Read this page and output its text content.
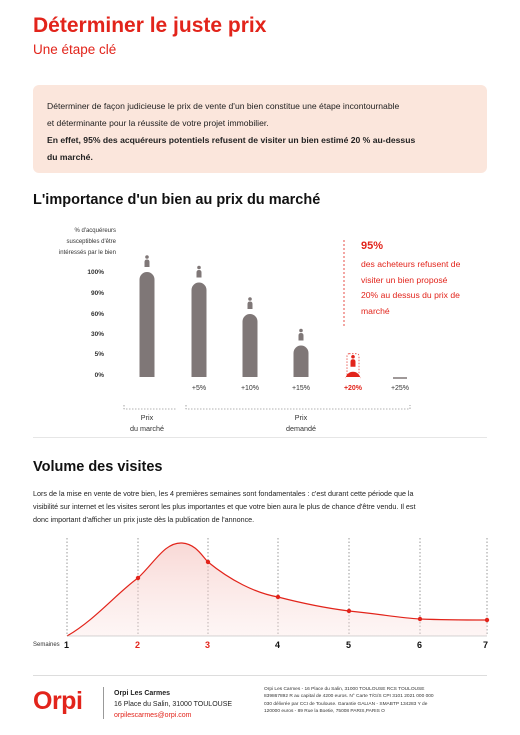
Déterminer le juste prix
Une étape clé
Déterminer de façon judicieuse le prix de vente d'un bien constitue une étape incontournable
et déterminante pour la réussite de votre projet immobilier.
En effet, 95% des acquéreurs potentiels refusent de visiter un bien estimé 20 % au-dessus
du marché.
L'importance d'un bien au prix du marché
% d'acquéreurs
susceptibles d'être
intéressés par le bien
100%
90%
60%
30%
5%
0%
+5%	+10%	+15%	+20%	+25%
95%
des acheteurs refusent de
visiter un bien proposé
20% au dessus du prix de
marché
Prix
du marché
Prix
demandé
Volume des visites
Lors de la mise en vente de votre bien, les 4 premières semaines sont fondamentales : c'est durant cette période que la
visibilité sur internet et les visites seront les plus importantes et que votre bien aura le plus de chance d'être vendu. Il est
donc important d'afficher un prix juste dès la publication de l'annonce.
Semaines 1	2	3	4	5	6	7
Orpi	Orpi Les Carmes
16 Place du Salin, 31000 TOULOUSE
orpilescarmes@orpi.com
Orpi Les Carmes - 16 Place du Salin, 31000 TOULOUSE RCS TOULOUSE
839867892 R au capital de 4200 euros. N° Carte T/G/S CPI 3101 2021 000 000
030 délivrée par CCI de Toulouse. Garantie GALIAN - SMABTP 134283 Y de
120000 euros - 89 Rue la Boetie, 75008 PARIS,PARIS O
